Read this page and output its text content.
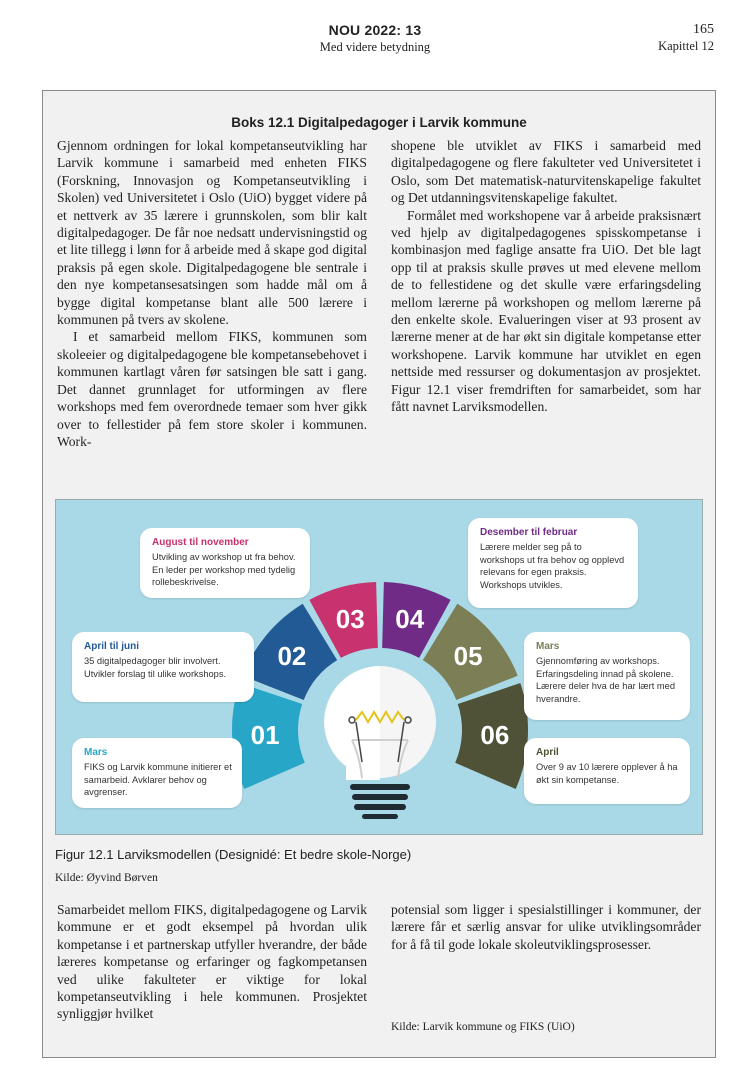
NOU 2022: 13
Med videre betydning
165
Kapittel 12
Boks 12.1 Digitalpedagoger i Larvik kommune

Gjennom ordningen for lokal kompetanseutvikling har Larvik kommune i samarbeid med enheten FIKS (Forskning, Innovasjon og Kompetanseutvikling i Skolen) ved Universitetet i Oslo (UiO) bygget videre på et nettverk av 35 lærere i grunnskolen, som blir kalt digitalpedagoger. De får noe nedsatt undervisningstid og et lite tillegg i lønn for å arbeide med å skape god digital praksis på egen skole. Digitalpedagogene ble sentrale i den nye kompetansesatsingen som hadde mål om å bygge digital kompetanse blant alle 500 lærere i kommunen på tvers av skolene.

I et samarbeid mellom FIKS, kommunen som skoleeier og digitalpedagogene ble kompetansebehovet i kommunen kartlagt våren før satsingen ble satt i gang. Det dannet grunnlaget for utformingen av flere workshops med fem overordnede temaer som hver gikk over to fellestider på fem store skoler i kommunen. Work-

shopene ble utviklet av FIKS i samarbeid med digitalpedagogene og flere fakulteter ved Universitetet i Oslo, som Det matematisk-naturvitenskapelige fakultet og Det utdanningsvitenskapelige fakultet.

Formålet med workshopene var å arbeide praksisnært ved hjelp av digitalpedagogenes spisskompetanse i kombinasjon med faglige ansatte fra UiO. Det ble lagt opp til at praksis skulle prøves ut med elevene mellom de to fellestidene og det skulle være erfaringsdeling mellom lærerne på workshopen og mellom lærerne på den enkelte skole. Evalueringen viser at 93 prosent av lærerne mener at de har økt sin digitale kompetanse etter workshopene. Larvik kommune har utviklet en egen nettside med ressurser og dokumentasjon av prosjektet. Figur 12.1 viser fremdriften for samarbeidet, som har fått navnet Larviksmodellen.

01
02
03 04
05
06
August til november
Utvikling av workshop ut fra behov. En leder per workshop med tydelig rollebeskrivelse.
April til juni
35 digitalpedagoger blir involvert. Utvikler forslag til ulike workshops.
Mars
FIKS og Larvik kommune initierer et samarbeid. Avklarer behov og avgrenser.
Desember til februar
Lærere melder seg på to workshops ut fra behov og opplevd relevans for egen praksis. Workshops utvikles.
Mars
Gjennomføring av workshops. Erfaringsdeling innad på skolene. Lærere deler hva de har lært med hverandre.
April
Over 9 av 10 lærere opplever å ha økt sin kompetanse.
Figur 12.1 Larviksmodellen (Designidé: Et bedre skole-Norge)
Kilde: Øyvind Børven

Samarbeidet mellom FIKS, digitalpedagogene og Larvik kommune er et godt eksempel på hvordan ulik kompetanse i et partnerskap utfyller hverandre, der både læreres kompetanse og erfaringer og fagkompetansen ved ulike fakulteter er viktige for lokal kompetanseutvikling i hele kommunen. Prosjektet synliggjør hvilket

potensial som ligger i spesialstillinger i kommuner, der lærere får et særlig ansvar for ulike utviklingsområder for å få til gode lokale skoleutviklingsprosesser.

Kilde: Larvik kommune og FIKS (UiO)
